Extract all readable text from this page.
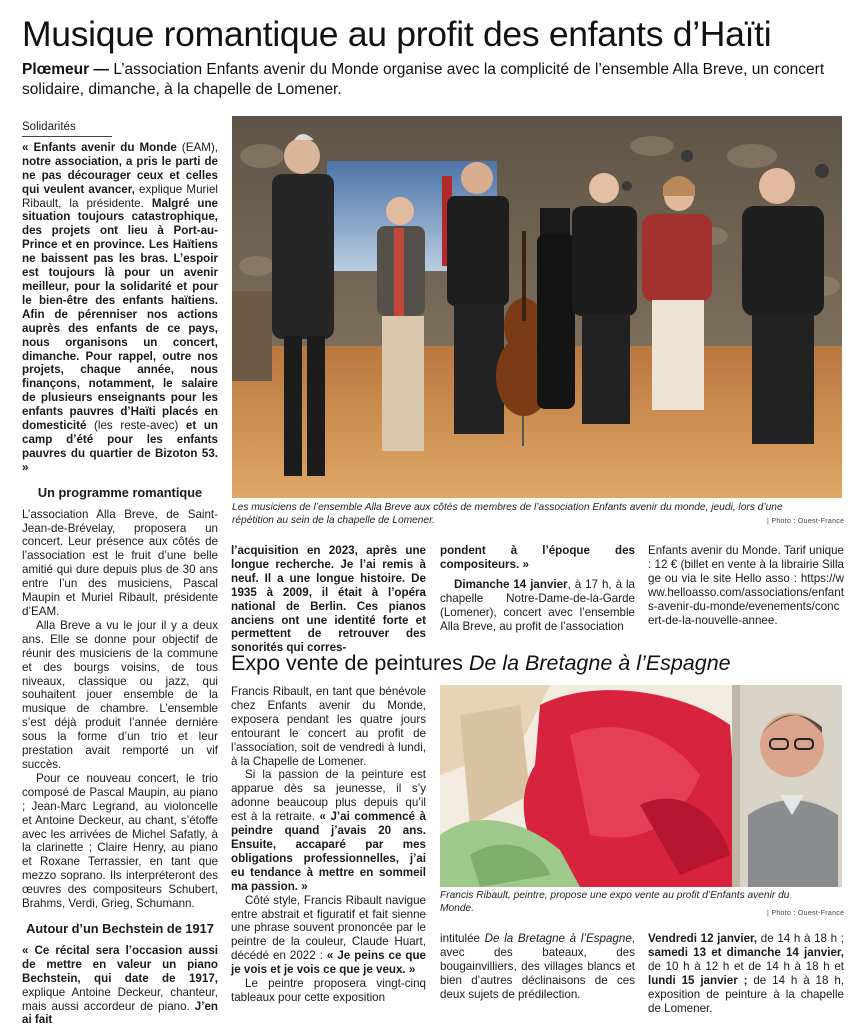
Musique romantique au profit des enfants d’Haïti
Plœmeur — L’association Enfants avenir du Monde organise avec la complicité de l’ensemble Alla Breve, un concert solidaire, dimanche, à la chapelle de Lomener.
Solidarités

« Enfants avenir du Monde (EAM), notre association, a pris le parti de ne pas décourager ceux et celles qui veulent avancer, explique Muriel Ribault, la présidente. Malgré une situation toujours catastrophique, des projets ont lieu à Port-au-Prince et en province. Les Haïtiens ne baissent pas les bras. L’espoir est toujours là pour un avenir meilleur, pour la solidarité et pour le bien-être des enfants haïtiens. Afin de pérenniser nos actions auprès des enfants de ce pays, nous organisons un concert, dimanche. Pour rappel, outre nos projets, chaque année, nous finançons, notamment, le salaire de plusieurs enseignants pour les enfants pauvres d’Haïti placés en domesticité (les reste-avec) et un camp d’été pour les enfants pauvres du quartier de Bizoton 53. »

Un programme romantique

L’association Alla Breve, de Saint-Jean-de-Brévelay, proposera un concert. Leur présence aux côtés de l’association est le fruit d’une belle amitié qui dure depuis plus de 30 ans entre l’un des musiciens, Pascal Maupin et Muriel Ribault, présidente d’EAM.

Alla Breve a vu le jour il y a deux ans. Elle se donne pour objectif de réunir des musiciens de la commune et des bourgs voisins, de tous niveaux, classique ou jazz, qui souhaitent jouer ensemble de la musique de chambre. L’ensemble s’est déjà produit l’année dernière sous la forme d’un trio et leur prestation avait remporté un vif succès.

Pour ce nouveau concert, le trio composé de Pascal Maupin, au piano ; Jean-Marc Legrand, au violoncelle et Antoine Deckeur, au chant, s’étoffe avec les arrivées de Michel Safatly, à la clarinette ; Claire Henry, au piano et Roxane Terrassier, en tant que mezzo soprano. Ils interpréteront des œuvres des compositeurs Schubert, Brahms, Verdi, Grieg, Schumann.

Autour d’un Bechstein de 1917

« Ce récital sera l’occasion aussi de mettre en valeur un piano Bechstein, qui date de 1917, explique Antoine Deckeur, chanteur, mais aussi accordeur de piano. J’en ai fait

Les musiciens de l’ensemble Alla Breve aux côtés de membres de l’association Enfants avenir du monde, jeudi, lors d’une répétition au sein de la chapelle de Lomener.	| Photo : Ouest-France

l’acquisition en 2023, après une longue recherche. Je l’ai remis à neuf. Il a une longue histoire. De 1935 à 2009, il était à l’opéra national de Berlin. Ces pianos anciens ont une identité forte et permettent de retrouver des sonorités qui corres-

pondent à l’époque des compositeurs. »

Dimanche 14 janvier, à 17 h, à la chapelle Notre-Dame-de-la-Garde (Lomener), concert avec l’ensemble Alla Breve, au profit de l’association

Enfants avenir du Monde. Tarif unique : 12 € (billet en vente à la librairie Sillage ou via le site Hello asso : https://www.helloasso.com/associations/enfants-avenir-du-monde/evenements/concert-de-la-nouvelle-annee.

Expo vente de peintures De la Bretagne à l’Espagne

Francis Ribault, en tant que bénévole chez Enfants avenir du Monde, exposera pendant les quatre jours entourant le concert au profit de l’association, soit de vendredi à lundi, à la Chapelle de Lomener.

Si la passion de la peinture est apparue dès sa jeunesse, il s’y adonne beaucoup plus depuis qu’il est à la retraite. « J’ai commencé à peindre quand j’avais 20 ans. Ensuite, accaparé par mes obligations professionnelles, j’ai eu tendance à mettre en sommeil ma passion. »

Côté style, Francis Ribault navigue entre abstrait et figuratif et fait sienne une phrase souvent prononcée par le peintre de la couleur, Claude Huart, décédé en 2022 : « Je peins ce que je vois et je vois ce que je veux. »

Le peintre proposera vingt-cinq tableaux pour cette exposition

Francis Ribault, peintre, propose une expo vente au profit d’Enfants avenir du Monde.	| Photo : Ouest-France

intitulée De la Bretagne à l’Espagne, avec des bateaux, des bougainvilliers, des villages blancs et bien d’autres déclinaisons de ces deux sujets de prédilection.

Vendredi 12 janvier, de 14 h à 18 h ; samedi 13 et dimanche 14 janvier, de 10 h à 12 h et de 14 h à 18 h et lundi 15 janvier ; de 14 h à 18 h, exposition de peinture à la chapelle de Lomener.
